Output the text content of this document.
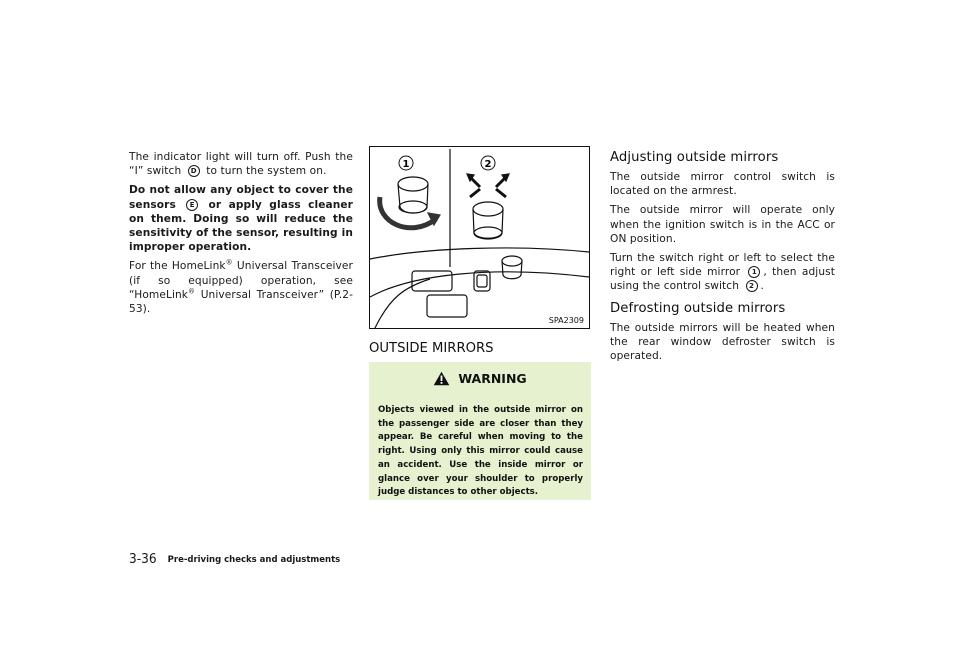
The indicator light will turn off. Push the “I” switch D to turn the system on.

Do not allow any object to cover the sensors E or apply glass cleaner on them. Doing so will reduce the sensitivity of the sensor, resulting in improper operation.

For the HomeLink® Universal Transceiver (if so equipped) operation, see “HomeLink® Universal Transceiver” (P.2-53).

1	2
SPA2309
OUTSIDE MIRRORS
WARNING
Objects viewed in the outside mirror on the passenger side are closer than they appear. Be careful when moving to the right. Using only this mirror could cause an accident. Use the inside mirror or glance over your shoulder to properly judge distances to other objects.
Adjusting outside mirrors

The outside mirror control switch is located on the armrest.

The outside mirror will operate only when the ignition switch is in the ACC or ON position.

Turn the switch right or left to select the right or left side mirror 1 , then adjust using the control switch 2 .

Defrosting outside mirrors

The outside mirrors will be heated when the rear window defroster switch is operated.

3-36 Pre-driving checks and adjustments
